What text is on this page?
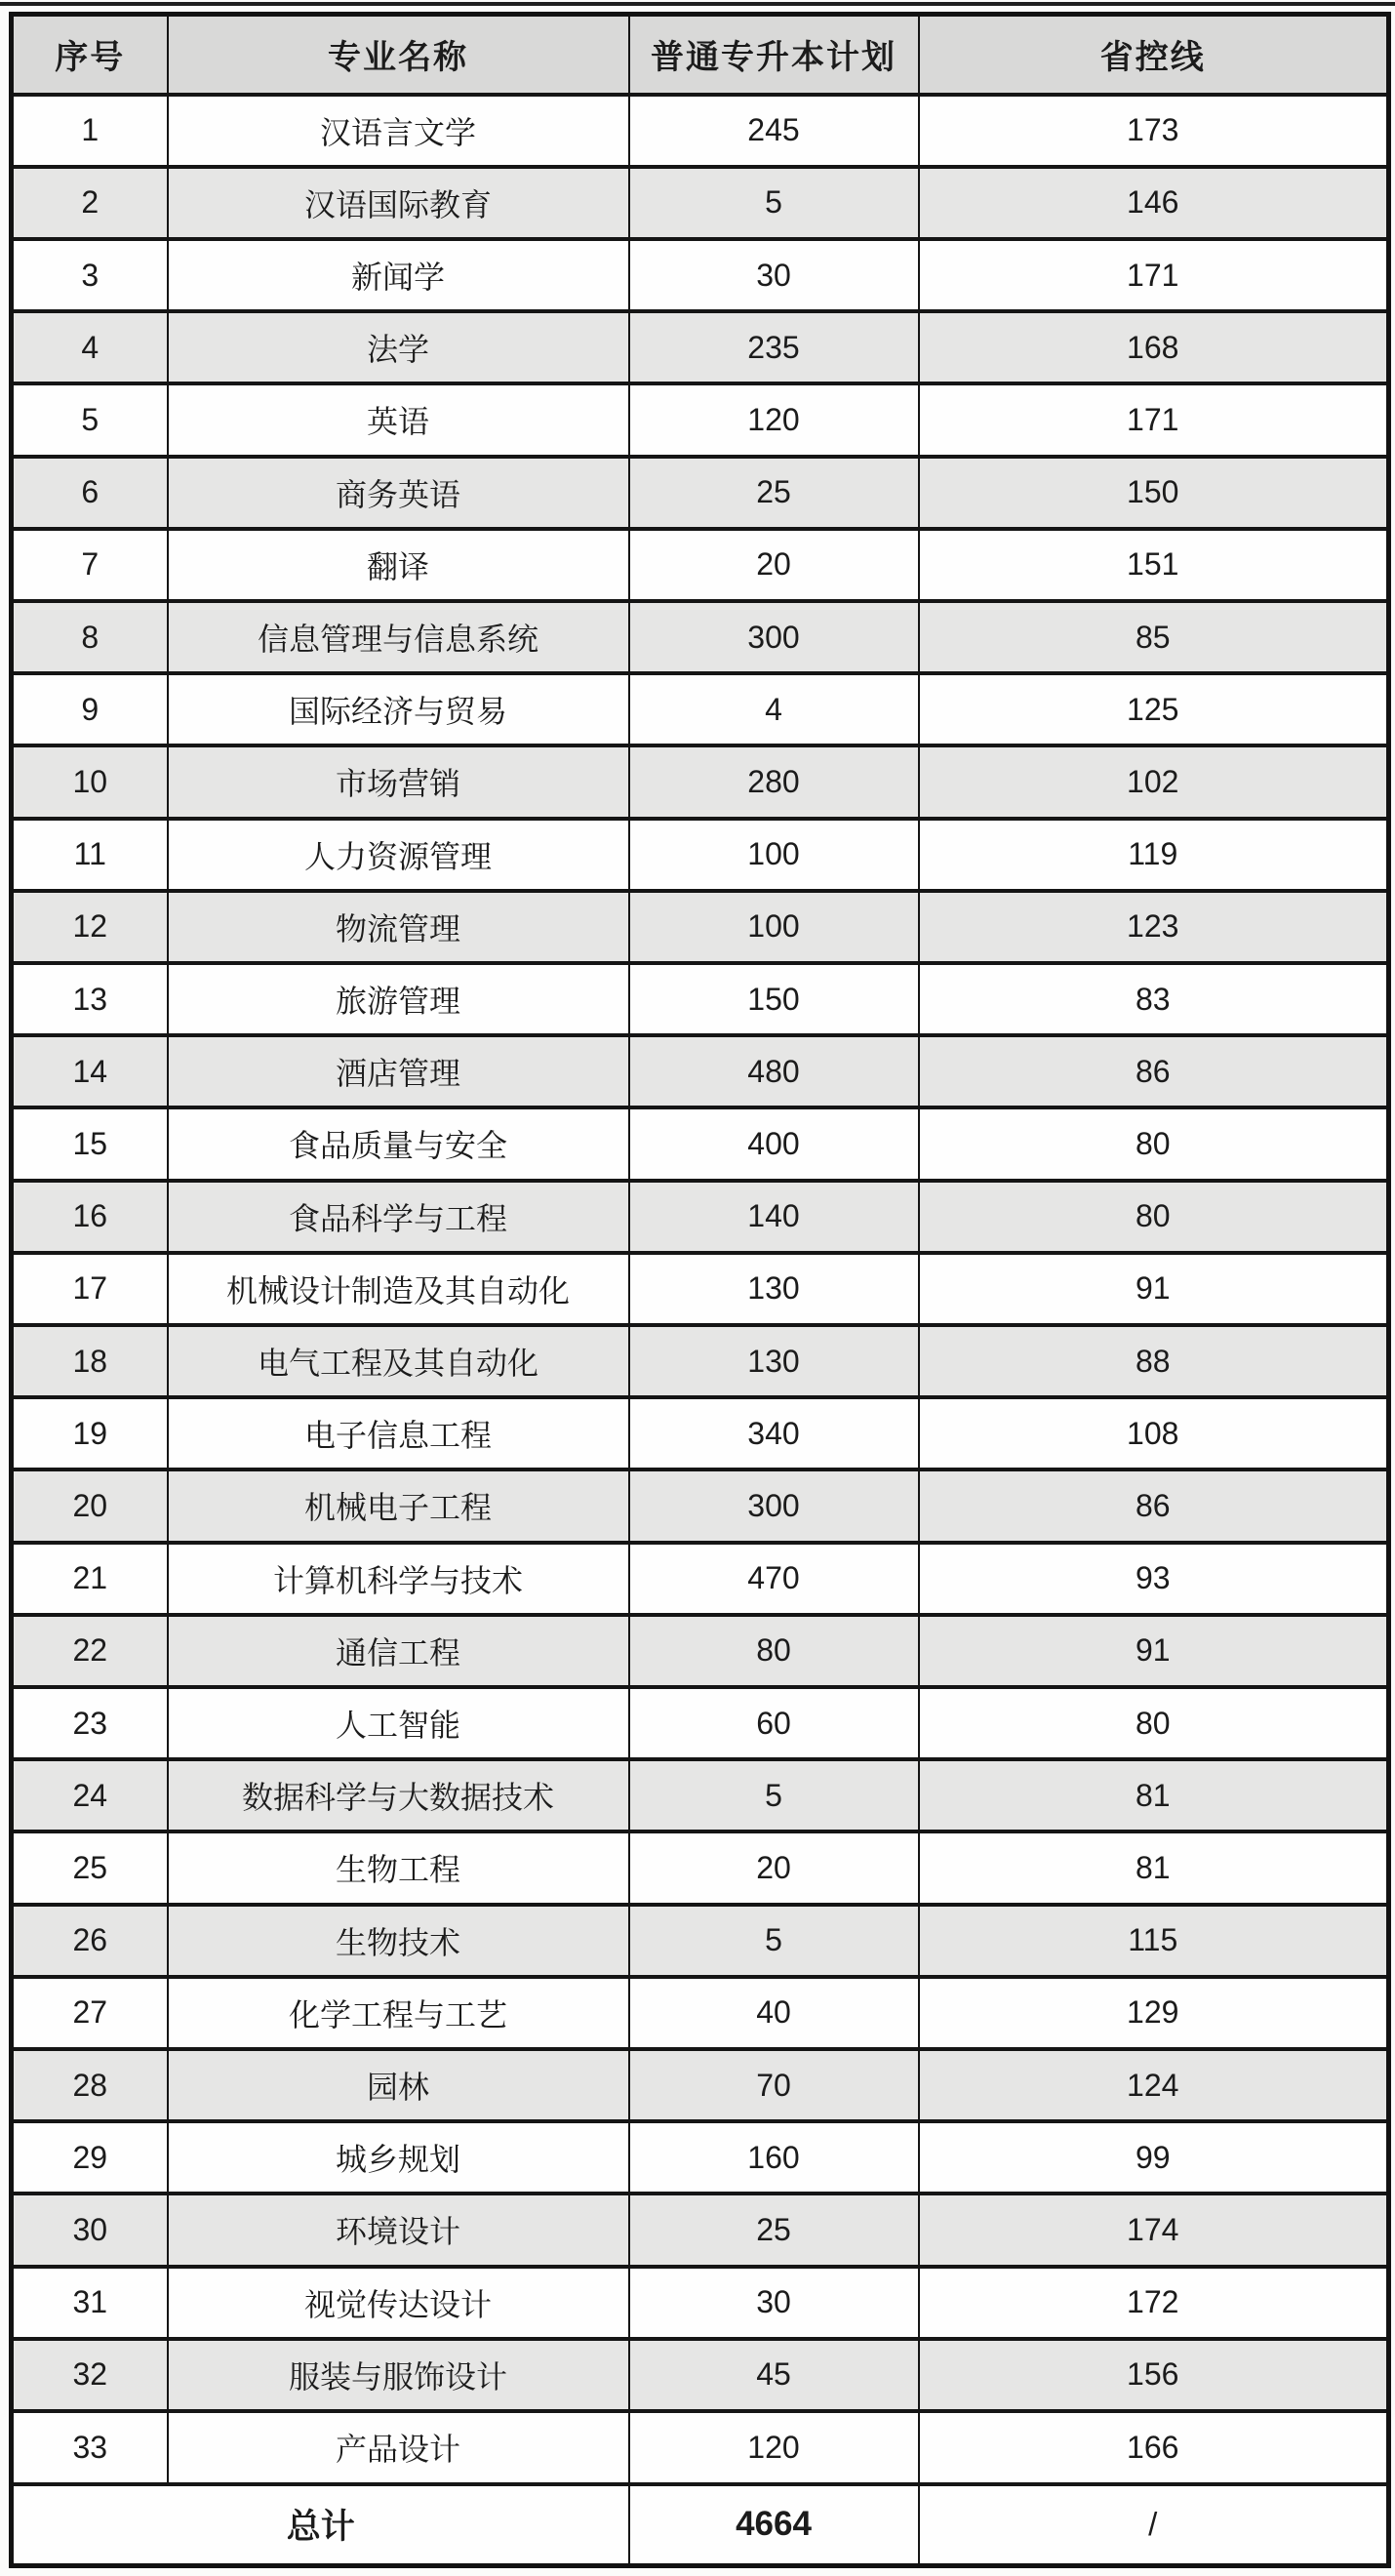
序号	专业名称	普通专升本计划	省控线
1	汉语言文学	245	173
2	汉语国际教育	5	146
3	新闻学	30	171
4	法学	235	168
5	英语	120	171
6	商务英语	25	150
7	翻译	20	151
8	信息管理与信息系统	300	85
9	国际经济与贸易	4	125
10	市场营销	280	102
11	人力资源管理	100	119
12	物流管理	100	123
13	旅游管理	150	83
14	酒店管理	480	86
15	食品质量与安全	400	80
16	食品科学与工程	140	80
17	机械设计制造及其自动化	130	91
18	电气工程及其自动化	130	88
19	电子信息工程	340	108
20	机械电子工程	300	86
21	计算机科学与技术	470	93
22	通信工程	80	91
23	人工智能	60	80
24	数据科学与大数据技术	5	81
25	生物工程	20	81
26	生物技术	5	115
27	化学工程与工艺	40	129
28	园林	70	124
29	城乡规划	160	99
30	环境设计	25	174
31	视觉传达设计	30	172
32	服装与服饰设计	45	156
33	产品设计	120	166
总计		4664	/
